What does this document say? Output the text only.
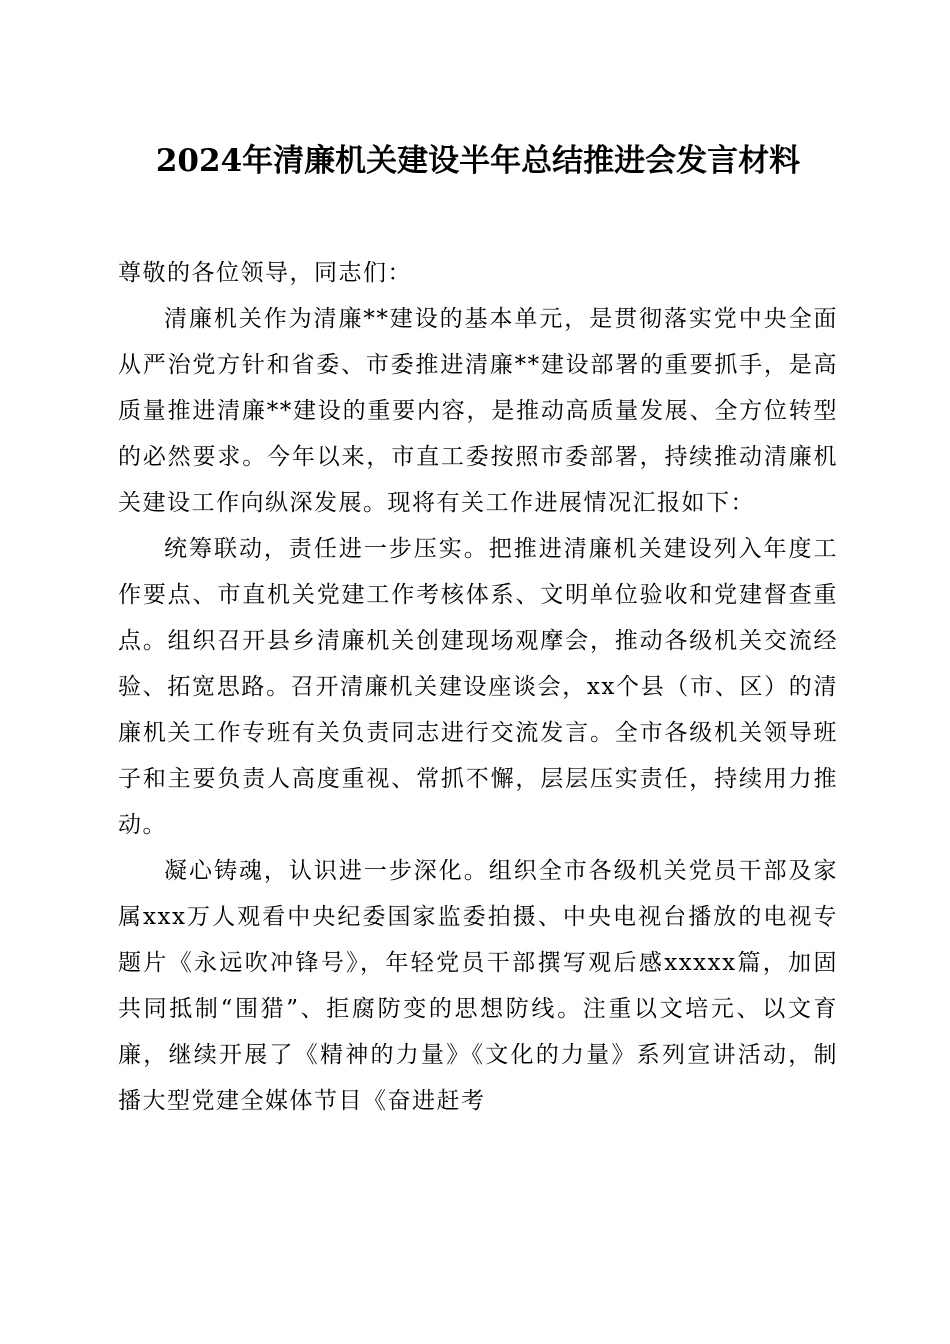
2024年清廉机关建设半年总结推进会发言材料

尊敬的各位领导，同志们：

清廉机关作为清廉**建设的基本单元，是贯彻落实党中央全面从严治党方针和省委、市委推进清廉**建设部署的重要抓手，是高质量推进清廉**建设的重要内容，是推动高质量发展、全方位转型的必然要求。今年以来，市直工委按照市委部署，持续推动清廉机关建设工作向纵深发展。现将有关工作进展情况汇报如下：

统筹联动，责任进一步压实。把推进清廉机关建设列入年度工作要点、市直机关党建工作考核体系、文明单位验收和党建督查重点。组织召开县乡清廉机关创建现场观摩会，推动各级机关交流经验、拓宽思路。召开清廉机关建设座谈会，xx个县（市、区）的清廉机关工作专班有关负责同志进行交流发言。全市各级机关领导班子和主要负责人高度重视、常抓不懈，层层压实责任，持续用力推动。

凝心铸魂，认识进一步深化。组织全市各级机关党员干部及家属xxx万人观看中央纪委国家监委拍摄、中央电视台播放的电视专题片《永远吹冲锋号》，年轻党员干部撰写观后感xxxxx篇，加固共同抵制“围猎”、拒腐防变的思想防线。注重以文培元、以文育廉，继续开展了《精神的力量》《文化的力量》系列宣讲活动，制播大型党建全媒体节目《奋进赶考
